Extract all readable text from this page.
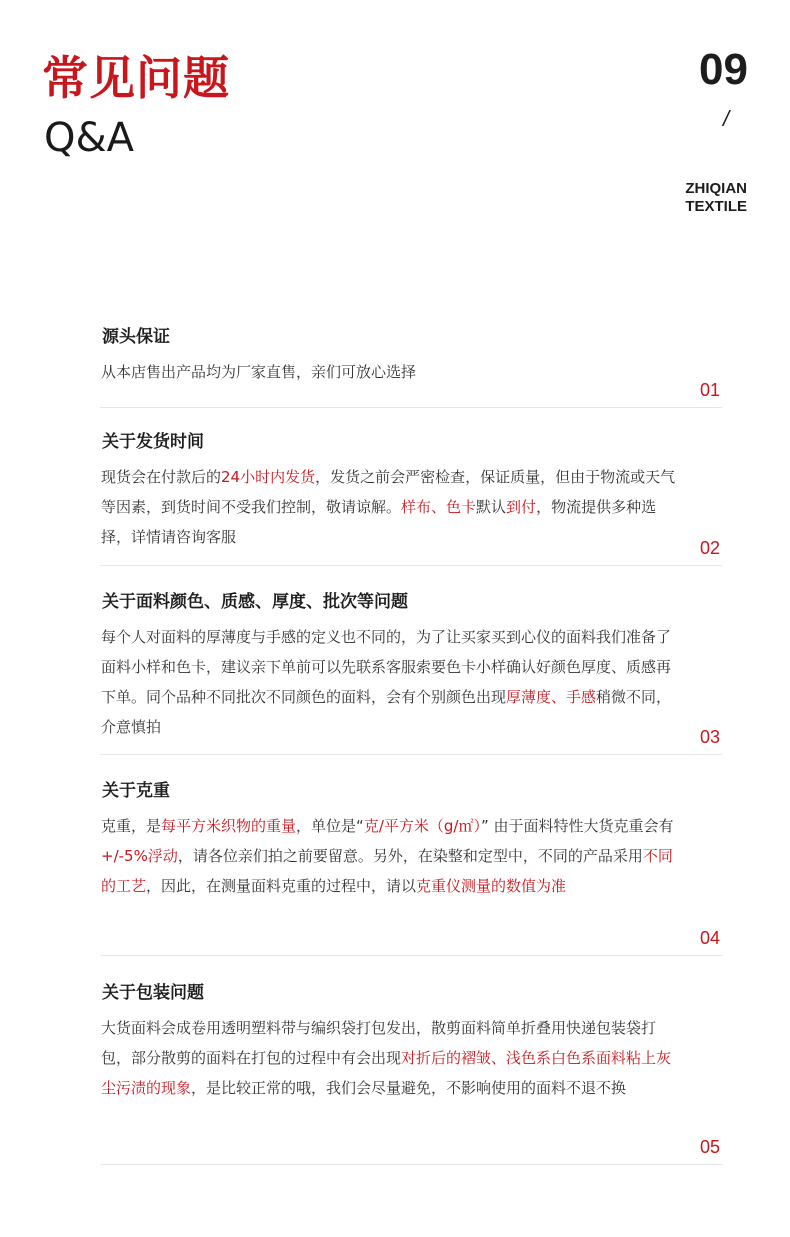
常见问题
Q&A
09
/
ZHIQIAN
TEXTILE
源头保证
从本店售出产品均为厂家直售，亲们可放心选择
01
关于发货时间
现货会在付款后的24小时内发货，发货之前会严密检查，保证质量，但由于物流或天气等因素，到货时间不受我们控制，敬请谅解。样布、色卡默认到付，物流提供多种选择，详情请咨询客服
02
关于面料颜色、质感、厚度、批次等问题
每个人对面料的厚薄度与手感的定义也不同的，为了让买家买到心仪的面料我们准备了面料小样和色卡，建议亲下单前可以先联系客服索要色卡小样确认好颜色厚度、质感再下单。同个品种不同批次不同颜色的面料，会有个别颜色出现厚薄度、手感稍微不同，介意慎拍	03
关于克重
克重，是每平方米织物的重量，单位是“克/平方米（g/㎡）” 由于面料特性大货克重会有+/-5%浮动，请各位亲们拍之前要留意。另外，在染整和定型中，不同的产品采用不同的工艺，因此，在测量面料克重的过程中，请以克重仪测量的数值为准
04
关于包装问题
大货面料会成卷用透明塑料带与编织袋打包发出，散剪面料简单折叠用快递包装袋打包，部分散剪的面料在打包的过程中有会出现对折后的褶皱、浅色系白色系面料粘上灰尘污渍的现象，是比较正常的哦，我们会尽量避免，不影响使用的面料不退不换
05
